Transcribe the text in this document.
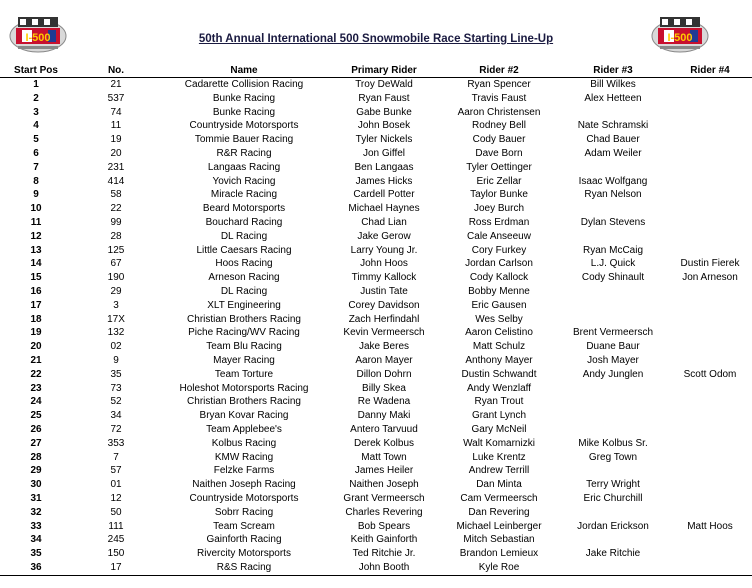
I-500	I-500
50th Annual International 500 Snowmobile Race Starting Line-Up
Start Pos	No.	Name	Primary Rider	Rider #2	Rider #3	Rider #4
1	21	Cadarette Collision Racing	Troy DeWald	Ryan Spencer	Bill Wilkes	
2	537	Bunke Racing	Ryan Faust	Travis Faust	Alex Hetteen	
3	74	Bunke Racing	Gabe Bunke	Aaron Christensen		
4	11	Countryside Motorsports	John Bosek	Rodney Bell	Nate Schramski	
5	19	Tommie Bauer Racing	Tyler Nickels	Cody Bauer	Chad Bauer	
6	20	R&R Racing	Jon Giffel	Dave Born	Adam Weiler	
7	231	Langaas Racing	Ben Langaas	Tyler Oettinger		
8	414	Yovich Racing	James Hicks	Eric Zellar	Isaac Wolfgang	
9	58	Miracle Racing	Cardell Potter	Taylor Bunke	Ryan Nelson	
10	22	Beard Motorsports	Michael Haynes	Joey Burch		
11	99	Bouchard Racing	Chad Lian	Ross Erdman	Dylan Stevens	
12	28	DL Racing	Jake Gerow	Cale Anseeuw		
13	125	Little Caesars Racing	Larry Young Jr.	Cory Furkey	Ryan McCaig	
14	67	Hoos Racing	John Hoos	Jordan Carlson	L.J. Quick	Dustin Fierek
15	190	Arneson Racing	Timmy Kallock	Cody Kallock	Cody Shinault	Jon Arneson
16	29	DL Racing	Justin Tate	Bobby Menne		
17	3	XLT Engineering	Corey Davidson	Eric Gausen		
18	17X	Christian Brothers Racing	Zach Herfindahl	Wes Selby		
19	132	Piche Racing/WV Racing	Kevin Vermeersch	Aaron Celistino	Brent Vermeersch	
20	02	Team Blu Racing	Jake Beres	Matt Schulz	Duane Baur	
21	9	Mayer Racing	Aaron Mayer	Anthony Mayer	Josh Mayer	
22	35	Team Torture	Dillon Dohrn	Dustin Schwandt	Andy Junglen	Scott Odom
23	73	Holeshot Motorsports Racing	Billy Skea	Andy Wenzlaff		
24	52	Christian Brothers Racing	Re Wadena	Ryan Trout		
25	34	Bryan Kovar Racing	Danny Maki	Grant Lynch		
26	72	Team Applebee's	Antero Tarvuud	Gary McNeil		
27	353	Kolbus Racing	Derek Kolbus	Walt Komarnizki	Mike Kolbus Sr.	
28	7	KMW Racing	Matt Town	Luke Krentz	Greg Town	
29	57	Felzke Farms	James Heiler	Andrew Terrill		
30	01	Naithen Joseph Racing	Naithen Joseph	Dan Minta	Terry Wright	
31	12	Countryside Motorsports	Grant Vermeersch	Cam Vermeersch	Eric Churchill	
32	50	Sobrr Racing	Charles Revering	Dan Revering		
33	111	Team Scream	Bob Spears	Michael Leinberger	Jordan Erickson	Matt Hoos
34	245	Gainforth Racing	Keith Gainforth	Mitch Sebastian		
35	150	Rivercity Motorsports	Ted Ritchie Jr.	Brandon Lemieux	Jake Ritchie	
36	17	R&S Racing	John Booth	Kyle Roe		
